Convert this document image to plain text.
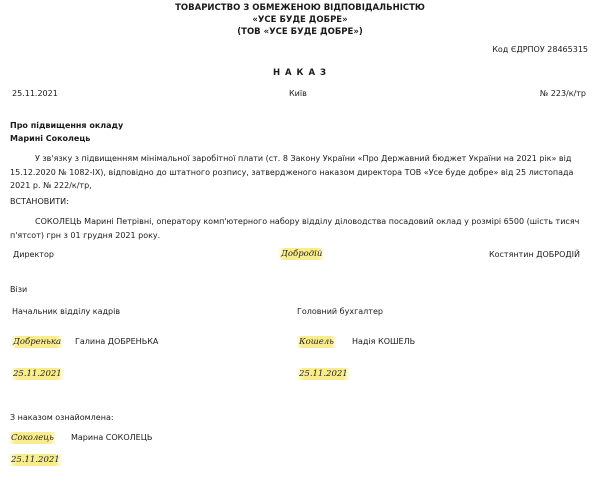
ТОВАРИСТВО З ОБМЕЖЕНОЮ ВІДПОВІДАЛЬНІСТЮ
«УСЕ БУДЕ ДОБРЕ»
(ТОВ «УСЕ БУДЕ ДОБРЕ»)
Код ЄДРПОУ 28465315
Н А К А З
25.11.2021	Київ	№ 223/к/тр
Про підвищення окладу
Марині Соколець
У зв'язку з підвищенням мінімальної заробітної плати (ст. 8 Закону України «Про Державний бюджет України на 2021 рік» від 15.12.2020 № 1082-IX), відповідно до штатного розпису, затвердженого наказом директора ТОВ «Усе буде добре» від 25 листопада 2021 р. № 222/к/тр,
ВСТАНОВИТИ:
СОКОЛЕЦЬ Марині Петрівні, оператору комп'ютерного набору відділу діловодства посадовий оклад у розмірі 6500 (шість тисяч п'ятсот) грн з 01 грудня 2021 року.
Директор	Добродій	Костянтин ДОБРОДІЙ
Візи
Начальник відділу кадрів	Головний бухгалтер
Добренька	Галина ДОБРЕНЬКА	Кошель	Надія КОШЕЛЬ
25.11.2021	25.11.2021
З наказом ознайомлена:
Соколець	Марина СОКОЛЕЦЬ
25.11.2021
